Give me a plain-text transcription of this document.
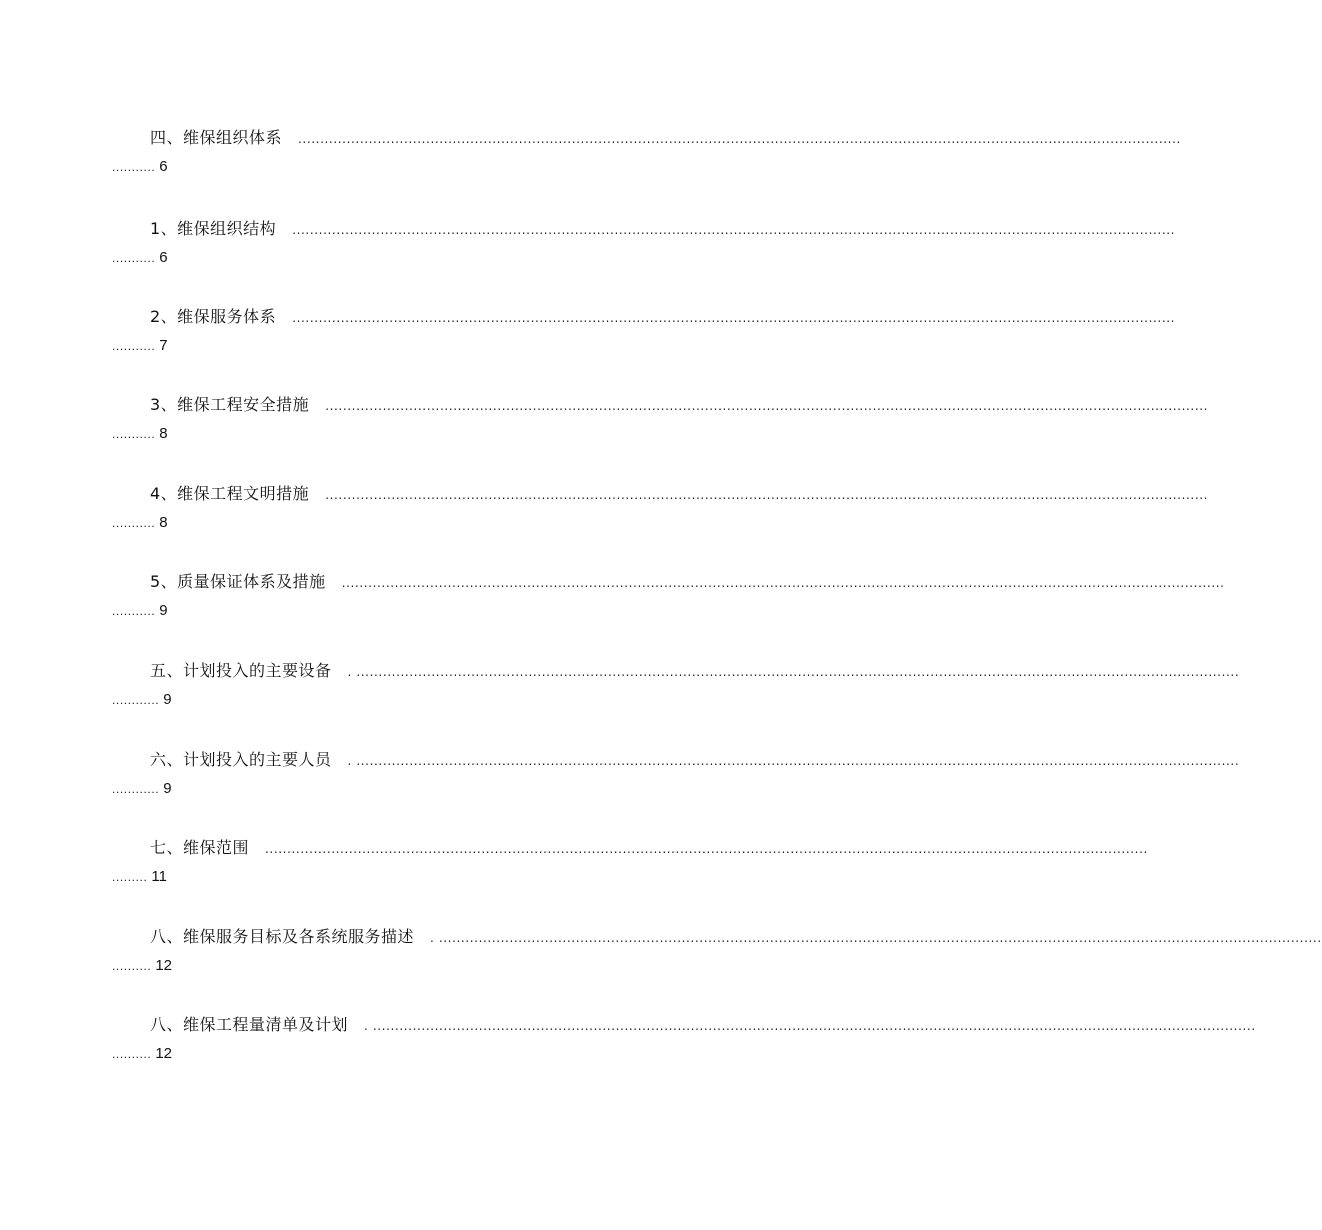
四、维保组织体系 ........................................................................................................................................................................................................
........... 6
1、维保组织结构 ........................................................................................................................................................................................................
........... 6
2、维保服务体系 ........................................................................................................................................................................................................
........... 7
3、维保工程安全措施 ........................................................................................................................................................................................................
........... 8
4、维保工程文明措施 ........................................................................................................................................................................................................
........... 8
5、质量保证体系及措施 ........................................................................................................................................................................................................
........... 9
五、计划投入的主要设备 . ........................................................................................................................................................................................................
............ 9
六、计划投入的主要人员 . ........................................................................................................................................................................................................
............ 9
七、维保范围 ........................................................................................................................................................................................................
......... 11
八、维保服务目标及各系统服务描述 . ........................................................................................................................................................................................................
.......... 12
八、维保工程量清单及计划 . ........................................................................................................................................................................................................
.......... 12
